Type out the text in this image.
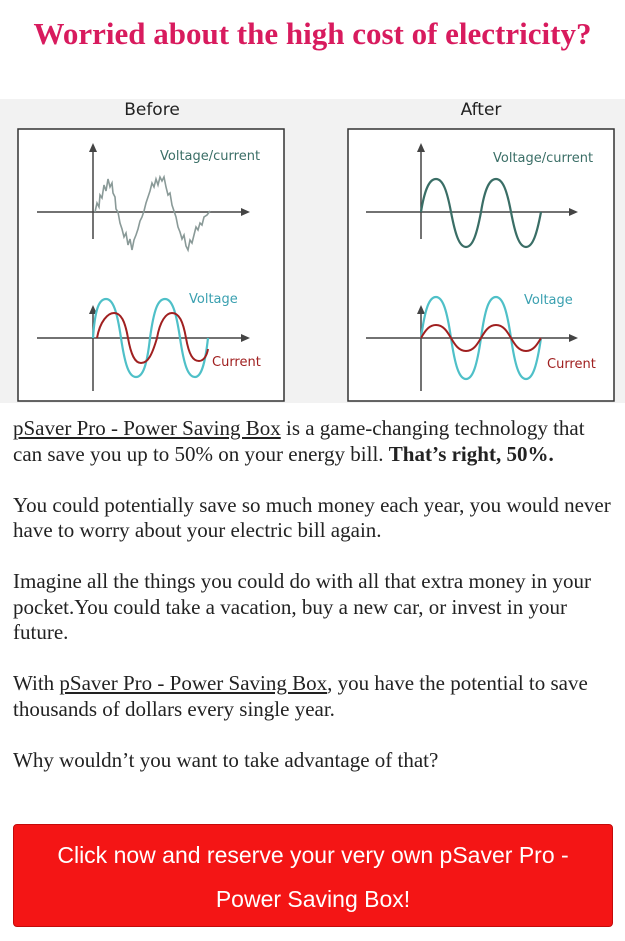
Worried about the high cost of electricity?
Before	After
Voltage/current
Voltage
Current
Voltage/current
Voltage
Current

pSaver Pro - Power Saving Box is a game-changing technology that can save you up to 50% on your energy bill. That’s right, 50%.

You could potentially save so much money each year, you would never have to worry about your electric bill again.

Imagine all the things you could do with all that extra money in your pocket.You could take a vacation, buy a new car, or invest in your future.

With pSaver Pro - Power Saving Box, you have the potential to save thousands of dollars every single year.

Why wouldn’t you want to take advantage of that?

Click now and reserve your very own pSaver Pro - Power Saving Box!
